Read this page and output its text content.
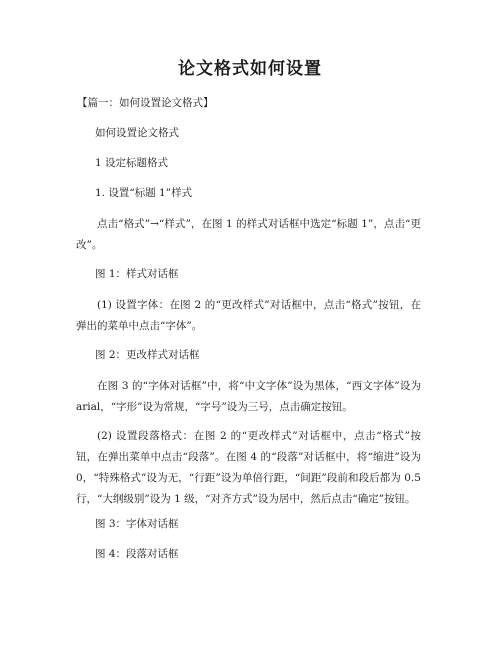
论文格式如何设置
【篇一：如何设置论文格式】
如何设置论文格式
1 设定标题格式
1. 设置“标题 1”样式
点击“格式”→“样式”，在图 1 的样式对话框中选定“标题 1”，点击“更改”。
图 1：样式对话框
(1) 设置字体：在图 2 的“更改样式”对话框中，点击“格式”按钮，在弹出的菜单中点击“字体”。
图 2：更改样式对话框
在图 3 的“字体对话框”中，将“中文字体”设为黑体，“西文字体”设为 arial，“字形”设为常规，“字号”设为三号，点击确定按钮。
(2) 设置段落格式：在图 2 的“更改样式”对话框中，点击“格式”按钮，在弹出菜单中点击“段落”。在图 4 的“段落”对话框中，将“缩进”设为 0，“特殊格式”设为无，“行距”设为单倍行距，“间距”段前和段后都为 0.5 行，“大纲级别”设为 1 级，“对齐方式”设为居中，然后点击“确定”按钮。
图 3：字体对话框
图 4：段落对话框
